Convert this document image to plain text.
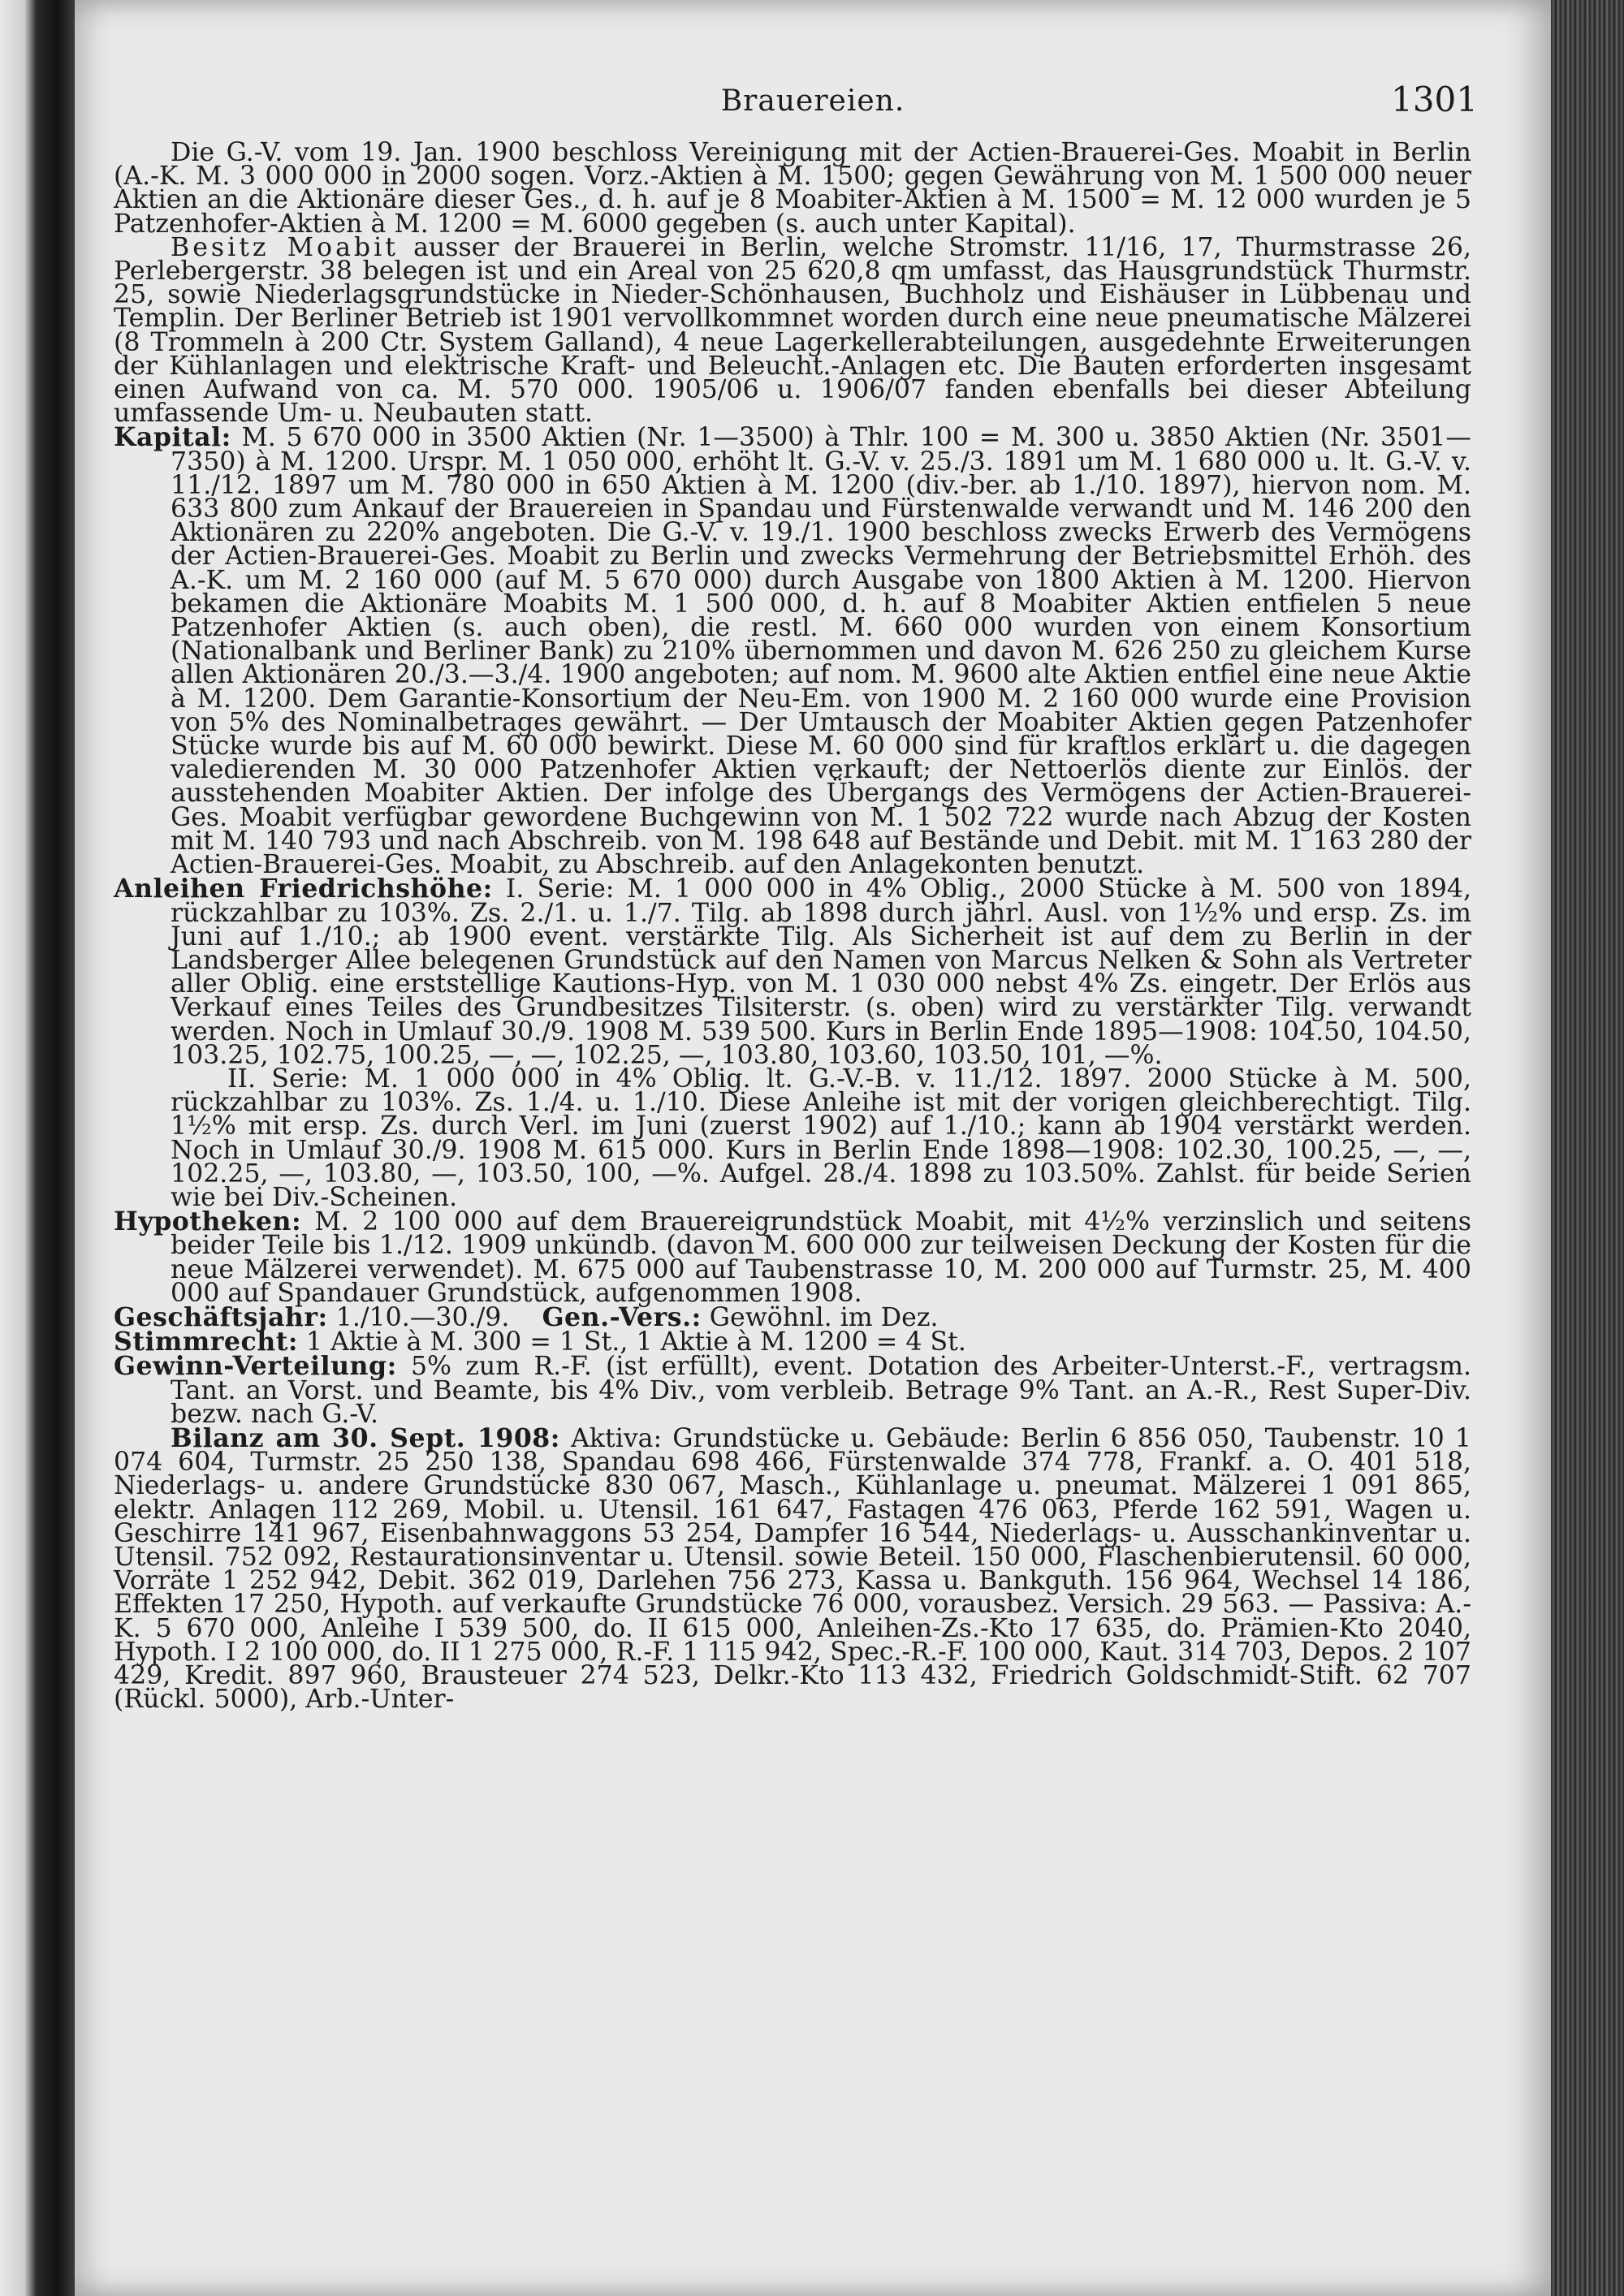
Brauereien.	1301

Die G.-V. vom 19. Jan. 1900 beschloss Vereinigung mit der Actien-Brauerei-Ges. Moabit in Berlin (A.-K. M. 3 000 000 in 2000 sogen. Vorz.-Aktien à M. 1500; gegen Gewährung von M. 1 500 000 neuer Aktien an die Aktionäre dieser Ges., d. h. auf je 8 Moabiter-Aktien à M. 1500 = M. 12 000 wurden je 5 Patzenhofer-Aktien à M. 1200 = M. 6000 gegeben (s. auch unter Kapital).

Besitz Moabit ausser der Brauerei in Berlin, welche Stromstr. 11/16, 17, Thurmstrasse 26, Perlebergerstr. 38 belegen ist und ein Areal von 25 620,8 qm umfasst, das Hausgrundstück Thurmstr. 25, sowie Niederlagsgrundstücke in Nieder-Schönhausen, Buchholz und Eishäuser in Lübbenau und Templin. Der Berliner Betrieb ist 1901 vervollkommnet worden durch eine neue pneumatische Mälzerei (8 Trommeln à 200 Ctr. System Galland), 4 neue Lagerkellerabteilungen, ausgedehnte Erweiterungen der Kühlanlagen und elektrische Kraft- und Beleucht.-Anlagen etc. Die Bauten erforderten insgesamt einen Aufwand von ca. M. 570 000. 1905/06 u. 1906/07 fanden ebenfalls bei dieser Abteilung umfassende Um- u. Neubauten statt.

Kapital: M. 5 670 000 in 3500 Aktien (Nr. 1—3500) à Thlr. 100 = M. 300 u. 3850 Aktien (Nr. 3501—7350) à M. 1200. Urspr. M. 1 050 000, erhöht lt. G.-V. v. 25./3. 1891 um M. 1 680 000 u. lt. G.-V. v. 11./12. 1897 um M. 780 000 in 650 Aktien à M. 1200 (div.-ber. ab 1./10. 1897), hiervon nom. M. 633 800 zum Ankauf der Brauereien in Spandau und Fürstenwalde verwandt und M. 146 200 den Aktionären zu 220% angeboten. Die G.-V. v. 19./1. 1900 beschloss zwecks Erwerb des Vermögens der Actien-Brauerei-Ges. Moabit zu Berlin und zwecks Vermehrung der Betriebsmittel Erhöh. des A.-K. um M. 2 160 000 (auf M. 5 670 000) durch Ausgabe von 1800 Aktien à M. 1200. Hiervon bekamen die Aktionäre Moabits M. 1 500 000, d. h. auf 8 Moabiter Aktien entfielen 5 neue Patzenhofer Aktien (s. auch oben), die restl. M. 660 000 wurden von einem Konsortium (Nationalbank und Berliner Bank) zu 210% übernommen und davon M. 626 250 zu gleichem Kurse allen Aktionären 20./3.—3./4. 1900 angeboten; auf nom. M. 9600 alte Aktien entfiel eine neue Aktie à M. 1200. Dem Garantie-Konsortium der Neu-Em. von 1900 M. 2 160 000 wurde eine Provision von 5% des Nominalbetrages gewährt. — Der Umtausch der Moabiter Aktien gegen Patzenhofer Stücke wurde bis auf M. 60 000 bewirkt. Diese M. 60 000 sind für kraftlos erklärt u. die dagegen valedierenden M. 30 000 Patzenhofer Aktien verkauft; der Nettoerlös diente zur Einlös. der ausstehenden Moabiter Aktien. Der infolge des Übergangs des Vermögens der Actien-Brauerei-Ges. Moabit verfügbar gewordene Buchgewinn von M. 1 502 722 wurde nach Abzug der Kosten mit M. 140 793 und nach Abschreib. von M. 198 648 auf Bestände und Debit. mit M. 1 163 280 der Actien-Brauerei-Ges. Moabit, zu Abschreib. auf den Anlagekonten benutzt.

Anleihen Friedrichshöhe: I. Serie: M. 1 000 000 in 4% Oblig., 2000 Stücke à M. 500 von 1894, rückzahlbar zu 103%. Zs. 2./1. u. 1./7. Tilg. ab 1898 durch jährl. Ausl. von 1½% und ersp. Zs. im Juni auf 1./10.; ab 1900 event. verstärkte Tilg. Als Sicherheit ist auf dem zu Berlin in der Landsberger Allee belegenen Grundstück auf den Namen von Marcus Nelken & Sohn als Vertreter aller Oblig. eine erststellige Kautions-Hyp. von M. 1 030 000 nebst 4% Zs. eingetr. Der Erlös aus Verkauf eines Teiles des Grundbesitzes Tilsiterstr. (s. oben) wird zu verstärkter Tilg. verwandt werden. Noch in Umlauf 30./9. 1908 M. 539 500. Kurs in Berlin Ende 1895—1908: 104.50, 104.50, 103.25, 102.75, 100.25, —, —, 102.25, —, 103.80, 103.60, 103.50, 101, —%.

II. Serie: M. 1 000 000 in 4% Oblig. lt. G.-V.-B. v. 11./12. 1897. 2000 Stücke à M. 500, rückzahlbar zu 103%. Zs. 1./4. u. 1./10. Diese Anleihe ist mit der vorigen gleichberechtigt. Tilg. 1½% mit ersp. Zs. durch Verl. im Juni (zuerst 1902) auf 1./10.; kann ab 1904 verstärkt werden. Noch in Umlauf 30./9. 1908 M. 615 000. Kurs in Berlin Ende 1898—1908: 102.30, 100.25, —, —, 102.25, —, 103.80, —, 103.50, 100, —%. Aufgel. 28./4. 1898 zu 103.50%. Zahlst. für beide Serien wie bei Div.-Scheinen.

Hypotheken: M. 2 100 000 auf dem Brauereigrundstück Moabit, mit 4½% verzinslich und seitens beider Teile bis 1./12. 1909 unkündb. (davon M. 600 000 zur teilweisen Deckung der Kosten für die neue Mälzerei verwendet). M. 675 000 auf Taubenstrasse 10, M. 200 000 auf Turmstr. 25, M. 400 000 auf Spandauer Grundstück, aufgenommen 1908.

Geschäftsjahr: 1./10.—30./9. Gen.-Vers.: Gewöhnl. im Dez.

Stimmrecht: 1 Aktie à M. 300 = 1 St., 1 Aktie à M. 1200 = 4 St.

Gewinn-Verteilung: 5% zum R.-F. (ist erfüllt), event. Dotation des Arbeiter-Unterst.-F., vertragsm. Tant. an Vorst. und Beamte, bis 4% Div., vom verbleib. Betrage 9% Tant. an A.-R., Rest Super-Div. bezw. nach G.-V.

Bilanz am 30. Sept. 1908: Aktiva: Grundstücke u. Gebäude: Berlin 6 856 050, Taubenstr. 10 1 074 604, Turmstr. 25 250 138, Spandau 698 466, Fürstenwalde 374 778, Frankf. a. O. 401 518, Niederlags- u. andere Grundstücke 830 067, Masch., Kühlanlage u. pneumat. Mälzerei 1 091 865, elektr. Anlagen 112 269, Mobil. u. Utensil. 161 647, Fastagen 476 063, Pferde 162 591, Wagen u. Geschirre 141 967, Eisenbahnwaggons 53 254, Dampfer 16 544, Niederlags- u. Ausschankinventar u. Utensil. 752 092, Restaurationsinventar u. Utensil. sowie Beteil. 150 000, Flaschenbierutensil. 60 000, Vorräte 1 252 942, Debit. 362 019, Darlehen 756 273, Kassa u. Bankguth. 156 964, Wechsel 14 186, Effekten 17 250, Hypoth. auf verkaufte Grundstücke 76 000, vorausbez. Versich. 29 563. — Passiva: A.-K. 5 670 000, Anleihe I 539 500, do. II 615 000, Anleihen-Zs.-Kto 17 635, do. Prämien-Kto 2040, Hypoth. I 2 100 000, do. II 1 275 000, R.-F. 1 115 942, Spec.-R.-F. 100 000, Kaut. 314 703, Depos. 2 107 429, Kredit. 897 960, Brausteuer 274 523, Delkr.-Kto 113 432, Friedrich Goldschmidt-Stift. 62 707 (Rückl. 5000), Arb.-Unter-
